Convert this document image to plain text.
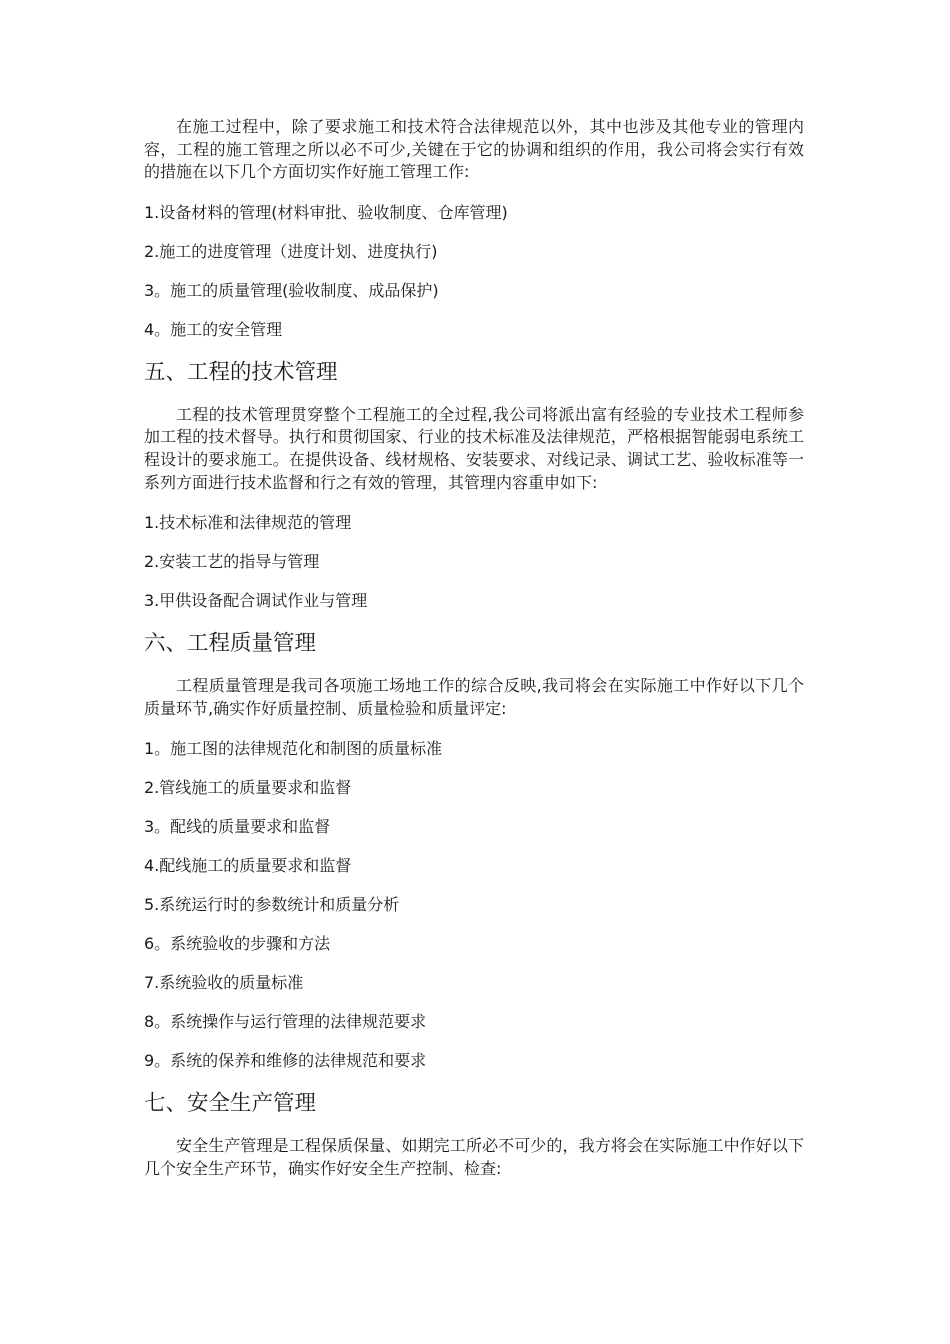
在施工过程中，除了要求施工和技术符合法律规范以外，其中也涉及其他专业的管理内容，工程的施工管理之所以必不可少,关键在于它的协调和组织的作用，我公司将会实行有效的措施在以下几个方面切实作好施工管理工作:

1.设备材料的管理(材料审批、验收制度、仓库管理)

2.施工的进度管理（进度计划、进度执行)

3。施工的质量管理(验收制度、成品保护)

4。施工的安全管理

五、工程的技术管理

工程的技术管理贯穿整个工程施工的全过程,我公司将派出富有经验的专业技术工程师参加工程的技术督导。执行和贯彻国家、行业的技术标准及法律规范，严格根据智能弱电系统工程设计的要求施工。在提供设备、线材规格、安装要求、对线记录、调试工艺、验收标准等一系列方面进行技术监督和行之有效的管理，其管理内容重申如下:

1.技术标准和法律规范的管理

2.安装工艺的指导与管理

3.甲供设备配合调试作业与管理

六、工程质量管理

工程质量管理是我司各项施工场地工作的综合反映,我司将会在实际施工中作好以下几个质量环节,确实作好质量控制、质量检验和质量评定:

1。施工图的法律规范化和制图的质量标准

2.管线施工的质量要求和监督

3。配线的质量要求和监督

4.配线施工的质量要求和监督

5.系统运行时的参数统计和质量分析

6。系统验收的步骤和方法

7.系统验收的质量标准

8。系统操作与运行管理的法律规范要求

9。系统的保养和维修的法律规范和要求

七、安全生产管理

安全生产管理是工程保质保量、如期完工所必不可少的，我方将会在实际施工中作好以下几个安全生产环节，确实作好安全生产控制、检查:
